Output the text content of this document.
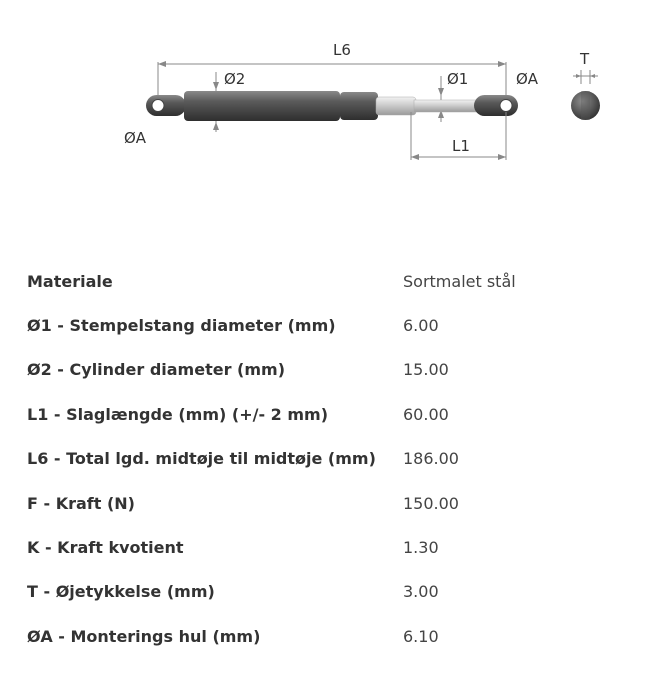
L6
Ø2	Ø1	ØA
ØA	L1
T
Materiale	Sortmalet stål
Ø1 - Stempelstang diameter (mm)	6.00
Ø2 - Cylinder diameter (mm)	15.00
L1 - Slaglængde (mm) (+/- 2 mm)	60.00
L6 - Total lgd. midtøje til midtøje (mm) 186.00
F - Kraft (N)	150.00
K - Kraft kvotient	1.30
T - Øjetykkelse (mm)	3.00
ØA - Monterings hul (mm)	6.10
